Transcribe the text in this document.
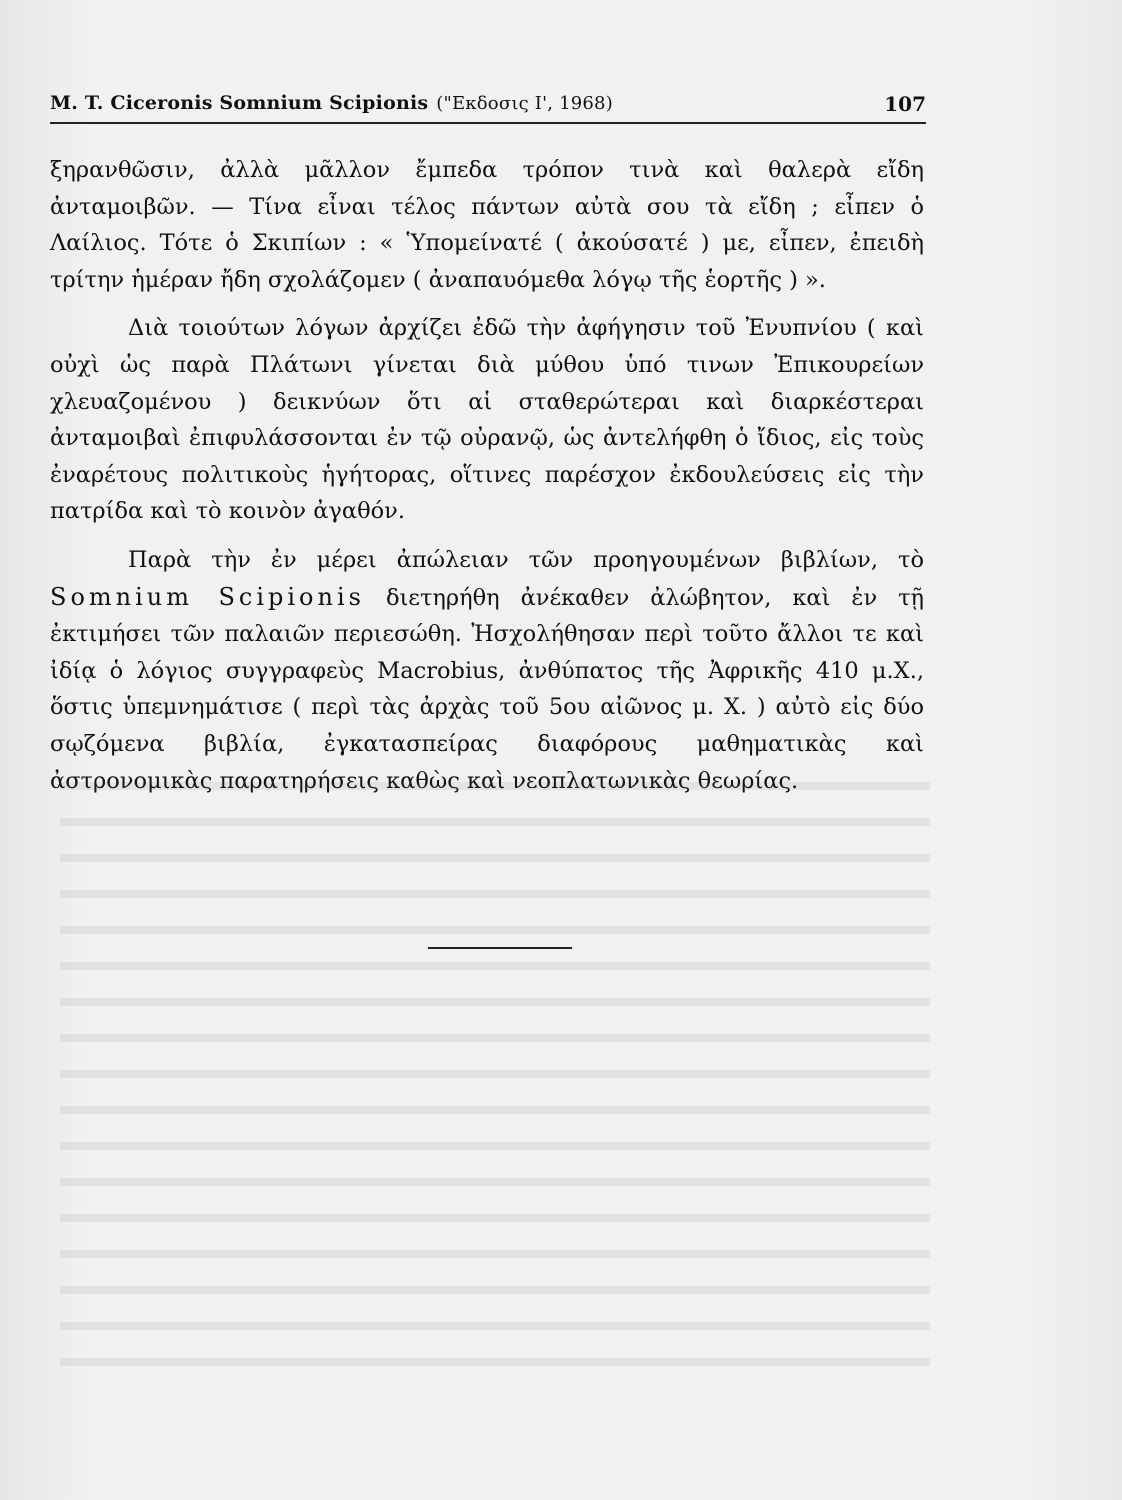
M. T. Ciceronis Somnium Scipionis ("Εκδοσις Ι', 1968)	107

ξηρανθῶσιν, ἀλλὰ μᾶλλον ἔμπεδα τρόπον τινὰ καὶ θαλερὰ εἴδη ἀνταμοιβῶν. — Τίνα εἶναι τέλος πάντων αὐτὰ σου τὰ εἴδη ; εἶπεν ὁ Λαίλιος. Τότε ὁ Σκιπίων : « Ὑπομείνατέ ( ἀκούσατέ ) με, εἶπεν, ἐπειδὴ τρίτην ἡμέραν ἤδη σχολάζομεν ( ἀναπαυόμεθα λόγῳ τῆς ἑορτῆς ) ».

Διὰ τοιούτων λόγων ἀρχίζει ἐδῶ τὴν ἀφήγησιν τοῦ Ἐνυπνίου ( καὶ οὐχὶ ὡς παρὰ Πλάτωνι γίνεται διὰ μύθου ὑπό τινων Ἐπικουρείων χλευαζομένου ) δεικνύων ὅτι αἱ σταθερώτεραι καὶ διαρκέστεραι ἀνταμοιβαὶ ἐπιφυλάσσονται ἐν τῷ οὐρανῷ, ὡς ἀντελήφθη ὁ ἴδιος, εἰς τοὺς ἐναρέτους πολιτικοὺς ἡγήτορας, οἵτινες παρέσχον ἐκδουλεύσεις εἰς τὴν πατρίδα καὶ τὸ κοινὸν ἀγαθόν.

Παρὰ τὴν ἐν μέρει ἀπώλειαν τῶν προηγουμένων βιβλίων, τὸ Somnium Scipionis διετηρήθη ἀνέκαθεν ἀλώβητον, καὶ ἐν τῇ ἐκτιμήσει τῶν παλαιῶν περιεσώθη. Ἠσχολήθησαν περὶ τοῦτο ἄλλοι τε καὶ ἰδίᾳ ὁ λόγιος συγγραφεὺς Macrobius, ἀνθύπατος τῆς Ἀφρικῆς 410 μ.Χ., ὅστις ὑπεμνημάτισε ( περὶ τὰς ἀρχὰς τοῦ 5ου αἰῶνος μ. Χ. ) αὐτὸ εἰς δύο σῳζόμενα βιβλία, ἐγκατασπείρας διαφόρους μαθηματικὰς καὶ ἀστρονομικὰς παρατηρήσεις καθὼς καὶ νεοπλατωνικὰς θεωρίας.
